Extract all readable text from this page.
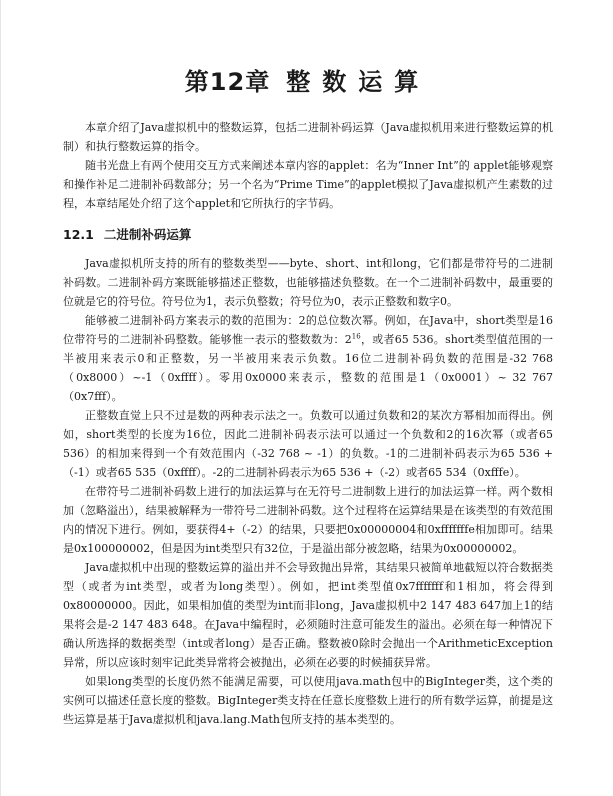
第12章 整数运算

本章介绍了Java虚拟机中的整数运算，包括二进制补码运算（Java虚拟机用来进行整数运算的机制）和执行整数运算的指令。

随书光盘上有两个使用交互方式来阐述本章内容的applet：名为“Inner Int”的 applet能够观察和操作补足二进制补码数部分；另一个名为“Prime Time”的applet模拟了Java虚拟机产生素数的过程，本章结尾处介绍了这个applet和它所执行的字节码。

12.1 二进制补码运算

Java虚拟机所支持的所有的整数类型——byte、short、int和long，它们都是带符号的二进制补码数。二进制补码方案既能够描述正整数，也能够描述负整数。在一个二进制补码数中，最重要的位就是它的符号位。符号位为1，表示负整数；符号位为0，表示正整数和数字0。

能够被二进制补码方案表示的数的范围为：2的总位数次幂。例如，在Java中，short类型是16位带符号的二进制补码整数。能够惟一表示的整数数为：$2^{16}$，或者65 536。short类型值范围的一半被用来表示0和正整数，另一半被用来表示负数。16位二进制补码负数的范围是-32 768（0x8000）~-1（0xffff）。零用0x0000来表示，整数的范围是1（0x0001）~ 32 767（0x7fff）。

正整数直觉上只不过是数的两种表示法之一。负数可以通过负数和2的某次方幂相加而得出。例如，short类型的长度为16位，因此二进制补码表示法可以通过一个负数和2的16次幂（或者65 536）的相加来得到一个有效范围内（-32 768 ~ -1）的负数。-1的二进制补码表示为65 536 +（-1）或者65 535（0xffff）。-2的二进制补码表示为65 536 +（-2）或者65 534（0xfffe）。

在带符号二进制补码数上进行的加法运算与在无符号二进制数上进行的加法运算一样。两个数相加（忽略溢出），结果被解释为一带符号二进制补码数。这个过程将在运算结果是在该类型的有效范围内的情况下进行。例如，要获得4+（-2）的结果，只要把0x00000004和0xfffffffe相加即可。结果是0x100000002，但是因为int类型只有32位，于是溢出部分被忽略，结果为0x00000002。

Java虚拟机中出现的整数运算的溢出并不会导致抛出异常，其结果只被简单地截短以符合数据类型（或者为int类型，或者为long类型）。例如，把int类型值0x7fffffff和1相加，将会得到0x80000000。因此，如果相加值的类型为int而非long，Java虚拟机中2 147 483 647加上1的结果将会是-2 147 483 648。在Java中编程时，必须随时注意可能发生的溢出。必须在每一种情况下确认所选择的数据类型（int或者long）是否正确。整数被0除时会抛出一个ArithmeticException异常，所以应该时刻牢记此类异常将会被抛出，必须在必要的时候捕获异常。

如果long类型的长度仍然不能满足需要，可以使用java.math包中的BigInteger类，这个类的实例可以描述任意长度的整数。BigInteger类支持在任意长度整数上进行的所有数学运算，前提是这些运算是基于Java虚拟机和java.lang.Math包所支持的基本类型的。
